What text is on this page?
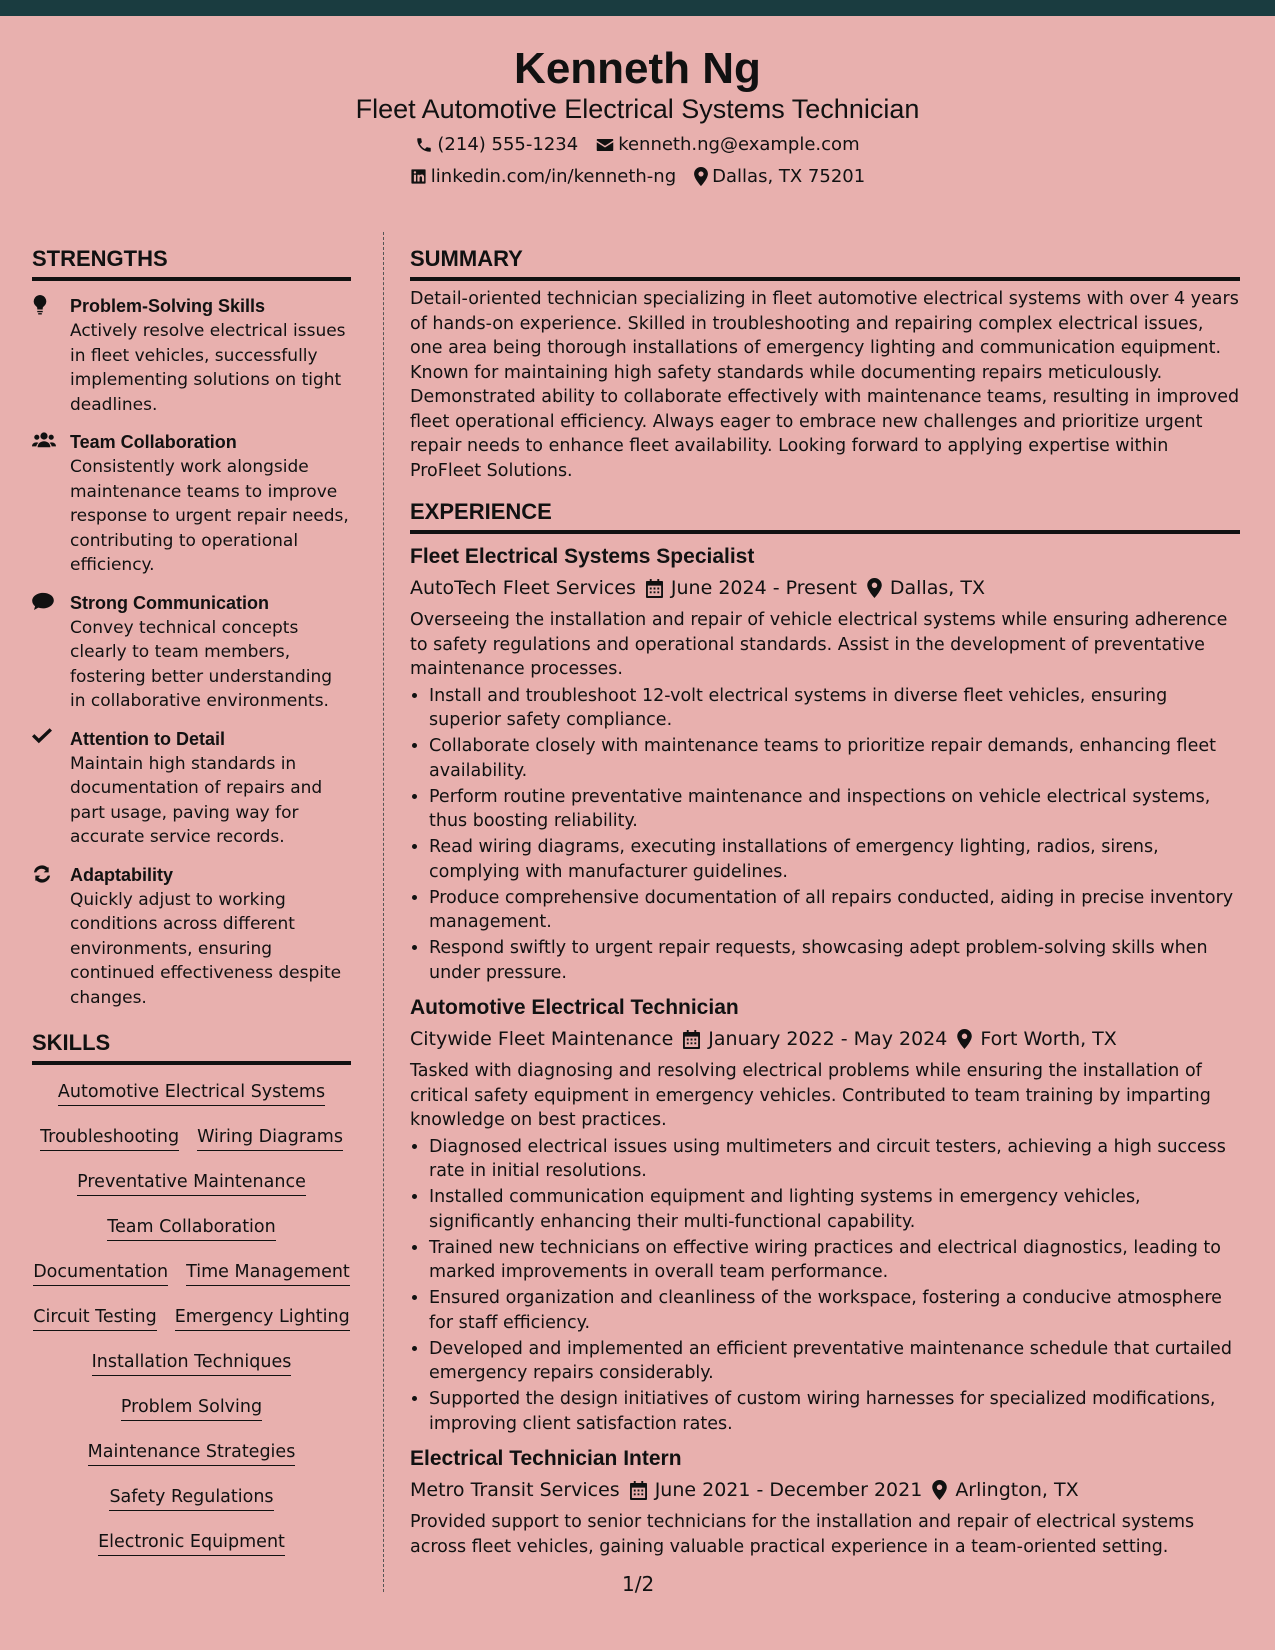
Kenneth Ng
Fleet Automotive Electrical Systems Technician
(214) 555-1234 kenneth.ng@example.com
linkedin.com/in/kenneth-ng Dallas, TX 75201
STRENGTHS
Problem-Solving Skills
Actively resolve electrical issues in fleet vehicles, successfully implementing solutions on tight deadlines.
Team Collaboration
Consistently work alongside maintenance teams to improve response to urgent repair needs, contributing to operational efficiency.
Strong Communication
Convey technical concepts clearly to team members, fostering better understanding in collaborative environments.
Attention to Detail
Maintain high standards in documentation of repairs and part usage, paving way for accurate service records.
Adaptability
Quickly adjust to working conditions across different environments, ensuring continued effectiveness despite changes.
SKILLS
Automotive Electrical Systems
Troubleshooting Wiring Diagrams
Preventative Maintenance
Team Collaboration
Documentation Time Management
Circuit Testing Emergency Lighting
Installation Techniques
Problem Solving
Maintenance Strategies
Safety Regulations
Electronic Equipment
SUMMARY
Detail-oriented technician specializing in fleet automotive electrical systems with over 4 years of hands-on experience. Skilled in troubleshooting and repairing complex electrical issues, one area being thorough installations of emergency lighting and communication equipment. Known for maintaining high safety standards while documenting repairs meticulously. Demonstrated ability to collaborate effectively with maintenance teams, resulting in improved fleet operational efficiency. Always eager to embrace new challenges and prioritize urgent repair needs to enhance fleet availability. Looking forward to applying expertise within ProFleet Solutions.
EXPERIENCE
Fleet Electrical Systems Specialist
AutoTech Fleet Services June 2024 - Present Dallas, TX
Overseeing the installation and repair of vehicle electrical systems while ensuring adherence to safety regulations and operational standards. Assist in the development of preventative maintenance processes.
• Install and troubleshoot 12-volt electrical systems in diverse fleet vehicles, ensuring superior safety compliance.
• Collaborate closely with maintenance teams to prioritize repair demands, enhancing fleet availability.
• Perform routine preventative maintenance and inspections on vehicle electrical systems, thus boosting reliability.
• Read wiring diagrams, executing installations of emergency lighting, radios, sirens, complying with manufacturer guidelines.
• Produce comprehensive documentation of all repairs conducted, aiding in precise inventory management.
• Respond swiftly to urgent repair requests, showcasing adept problem-solving skills when under pressure.
Automotive Electrical Technician
Citywide Fleet Maintenance January 2022 - May 2024 Fort Worth, TX
Tasked with diagnosing and resolving electrical problems while ensuring the installation of critical safety equipment in emergency vehicles. Contributed to team training by imparting knowledge on best practices.
• Diagnosed electrical issues using multimeters and circuit testers, achieving a high success rate in initial resolutions.
• Installed communication equipment and lighting systems in emergency vehicles, significantly enhancing their multi-functional capability.
• Trained new technicians on effective wiring practices and electrical diagnostics, leading to marked improvements in overall team performance.
• Ensured organization and cleanliness of the workspace, fostering a conducive atmosphere for staff efficiency.
• Developed and implemented an efficient preventative maintenance schedule that curtailed emergency repairs considerably.
• Supported the design initiatives of custom wiring harnesses for specialized modifications, improving client satisfaction rates.
Electrical Technician Intern
Metro Transit Services June 2021 - December 2021 Arlington, TX
Provided support to senior technicians for the installation and repair of electrical systems across fleet vehicles, gaining valuable practical experience in a team-oriented setting.
1/2
